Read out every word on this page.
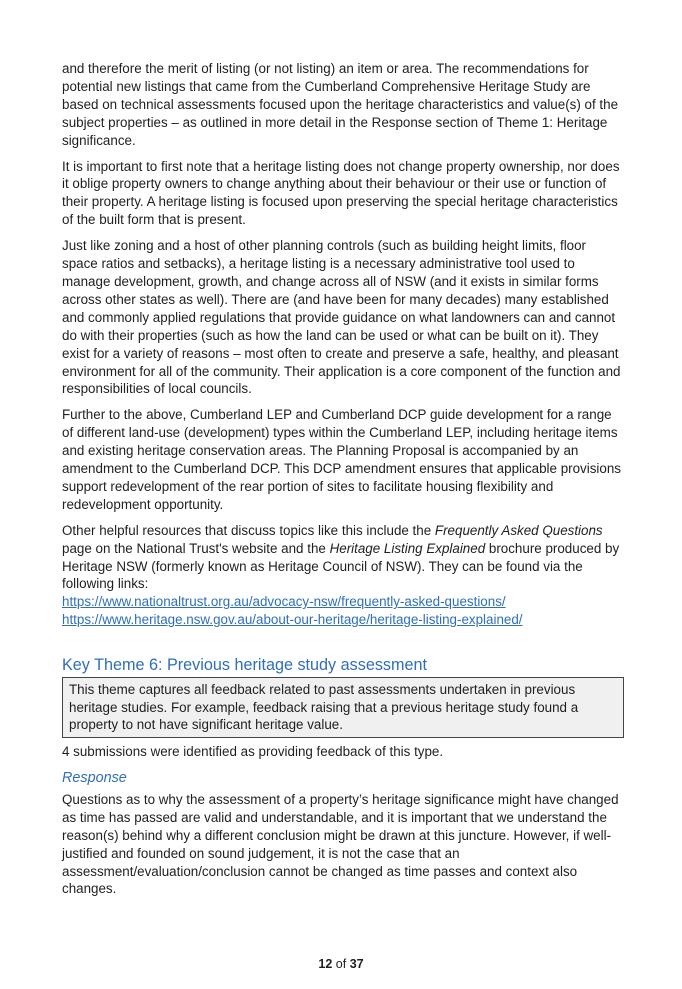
and therefore the merit of listing (or not listing) an item or area. The recommendations for potential new listings that came from the Cumberland Comprehensive Heritage Study are based on technical assessments focused upon the heritage characteristics and value(s) of the subject properties – as outlined in more detail in the Response section of Theme 1: Heritage significance.

It is important to first note that a heritage listing does not change property ownership, nor does it oblige property owners to change anything about their behaviour or their use or function of their property. A heritage listing is focused upon preserving the special heritage characteristics of the built form that is present.

Just like zoning and a host of other planning controls (such as building height limits, floor space ratios and setbacks), a heritage listing is a necessary administrative tool used to manage development, growth, and change across all of NSW (and it exists in similar forms across other states as well). There are (and have been for many decades) many established and commonly applied regulations that provide guidance on what landowners can and cannot do with their properties (such as how the land can be used or what can be built on it). They exist for a variety of reasons – most often to create and preserve a safe, healthy, and pleasant environment for all of the community. Their application is a core component of the function and responsibilities of local councils.

Further to the above, Cumberland LEP and Cumberland DCP guide development for a range of different land-use (development) types within the Cumberland LEP, including heritage items and existing heritage conservation areas. The Planning Proposal is accompanied by an amendment to the Cumberland DCP. This DCP amendment ensures that applicable provisions support redevelopment of the rear portion of sites to facilitate housing flexibility and redevelopment opportunity.

Other helpful resources that discuss topics like this include the Frequently Asked Questions page on the National Trust's website and the Heritage Listing Explained brochure produced by Heritage NSW (formerly known as Heritage Council of NSW). They can be found via the following links:

https://www.nationaltrust.org.au/advocacy-nsw/frequently-asked-questions/
https://www.heritage.nsw.gov.au/about-our-heritage/heritage-listing-explained/
Key Theme 6: Previous heritage study assessment
This theme captures all feedback related to past assessments undertaken in previous heritage studies. For example, feedback raising that a previous heritage study found a property to not have significant heritage value.

4 submissions were identified as providing feedback of this type.

Response

Questions as to why the assessment of a property’s heritage significance might have changed as time has passed are valid and understandable, and it is important that we understand the reason(s) behind why a different conclusion might be drawn at this juncture. However, if well-justified and founded on sound judgement, it is not the case that an assessment/evaluation/conclusion cannot be changed as time passes and context also changes.

12 of 37
